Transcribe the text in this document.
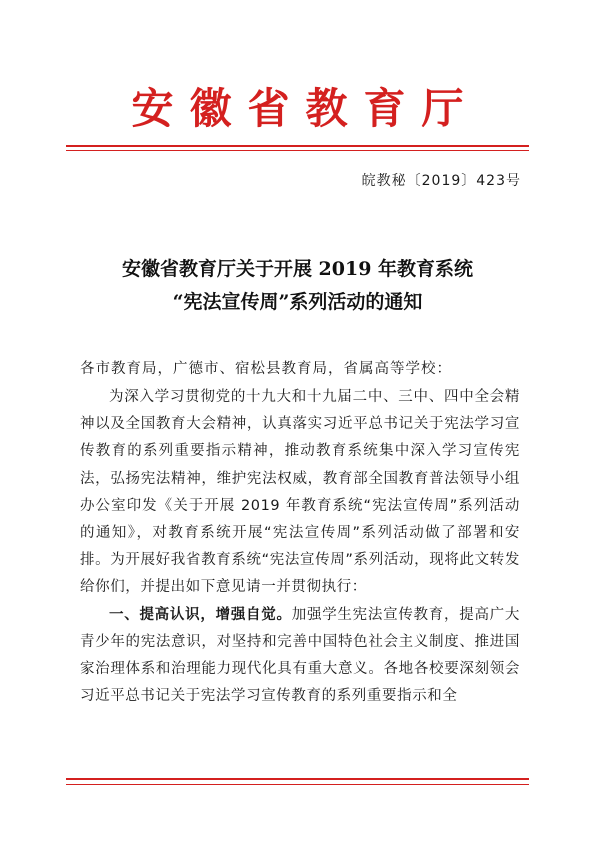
安徽省教育厅
皖教秘〔2019〕423号
安徽省教育厅关于开展 2019 年教育系统
“宪法宣传周”系列活动的通知
各市教育局，广德市、宿松县教育局，省属高等学校：

为深入学习贯彻党的十九大和十九届二中、三中、四中全会精神以及全国教育大会精神，认真落实习近平总书记关于宪法学习宣传教育的系列重要指示精神，推动教育系统集中深入学习宣传宪法，弘扬宪法精神，维护宪法权威，教育部全国教育普法领导小组办公室印发《关于开展 2019 年教育系统“宪法宣传周”系列活动的通知》，对教育系统开展“宪法宣传周”系列活动做了部署和安排。为开展好我省教育系统“宪法宣传周”系列活动，现将此文转发给你们，并提出如下意见请一并贯彻执行：

一、提高认识，增强自觉。加强学生宪法宣传教育，提高广大青少年的宪法意识，对坚持和完善中国特色社会主义制度、推进国家治理体系和治理能力现代化具有重大意义。各地各校要深刻领会习近平总书记关于宪法学习宣传教育的系列重要指示和全
